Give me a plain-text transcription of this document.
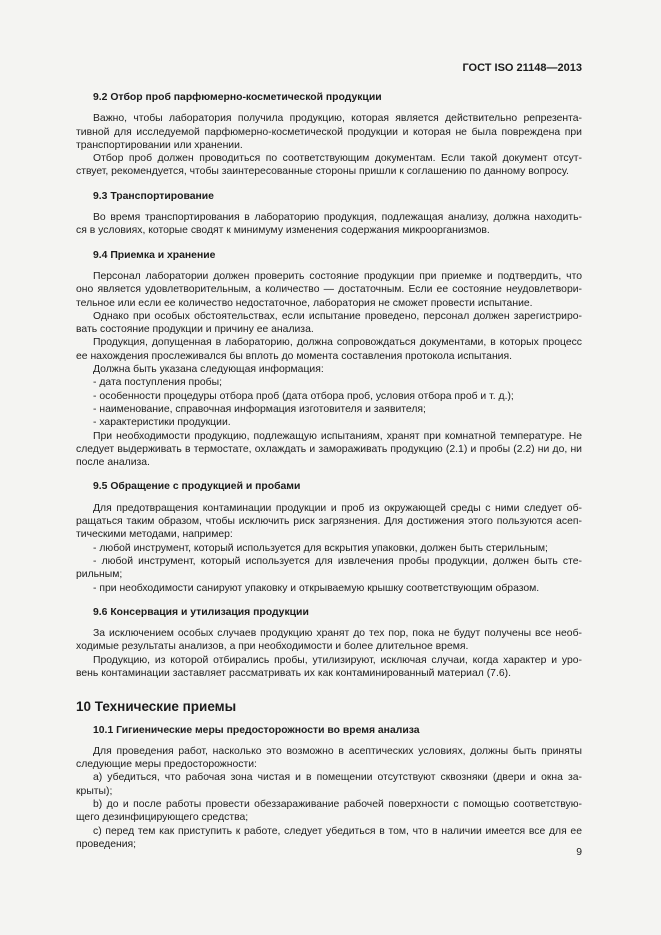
ГОСТ ISO 21148—2013
9.2 Отбор проб парфюмерно-косметической продукции

Важно, чтобы лаборатория получила продукцию, которая является действительно репрезента-

тивной для исследуемой парфюмерно-косметической продукции и которая не была повреждена при

транспортировании или хранении.

Отбор проб должен проводиться по соответствующим документам. Если такой документ отсут-

ствует, рекомендуется, чтобы заинтересованные стороны пришли к соглашению по данному вопросу.

9.3 Транспортирование

Во время транспортирования в лабораторию продукция, подлежащая анализу, должна находить-

ся в условиях, которые сводят к минимуму изменения содержания микроорганизмов.

9.4 Приемка и хранение

Персонал лаборатории должен проверить состояние продукции при приемке и подтвердить, что

оно является удовлетворительным, а количество — достаточным. Если ее состояние неудовлетвори-

тельное или если ее количество недостаточное, лаборатория не сможет провести испытание.

Однако при особых обстоятельствах, если испытание проведено, персонал должен зарегистриро-

вать состояние продукции и причину ее анализа.

Продукция, допущенная в лабораторию, должна сопровождаться документами, в которых процесс

ее нахождения прослеживался бы вплоть до момента составления протокола испытания.

Должна быть указана следующая информация:

- дата поступления пробы;

- особенности процедуры отбора проб (дата отбора проб, условия отбора проб и т. д.);

- наименование, справочная информация изготовителя и заявителя;

- характеристики продукции.

При необходимости продукцию, подлежащую испытаниям, хранят при комнатной температуре. Не

следует выдерживать в термостате, охлаждать и замораживать продукцию (2.1) и пробы (2.2) ни до, ни

после анализа.

9.5 Обращение с продукцией и пробами

Для предотвращения контаминации продукции и проб из окружающей среды с ними следует об-

ращаться таким образом, чтобы исключить риск загрязнения. Для достижения этого пользуются асеп-

тическими методами, например:

- любой инструмент, который используется для вскрытия упаковки, должен быть стерильным;

- любой инструмент, который используется для извлечения пробы продукции, должен быть сте-

рильным;

- при необходимости санируют упаковку и открываемую крышку соответствующим образом.

9.6 Консервация и утилизация продукции

За исключением особых случаев продукцию хранят до тех пор, пока не будут получены все необ-

ходимые результаты анализов, а при необходимости и более длительное время.

Продукцию, из которой отбирались пробы, утилизируют, исключая случаи, когда характер и уро-

вень контаминации заставляет рассматривать их как контаминированный материал (7.6).

10 Технические приемы
10.1 Гигиенические меры предосторожности во время анализа

Для проведения работ, насколько это возможно в асептических условиях, должны быть приняты

следующие меры предосторожности:

a) убедиться, что рабочая зона чистая и в помещении отсутствуют сквозняки (двери и окна за-

крыты);

b) до и после работы провести обеззараживание рабочей поверхности с помощью соответствую-

щего дезинфицирующего средства;

c) перед тем как приступить к работе, следует убедиться в том, что в наличии имеется все для ее

проведения;

9
